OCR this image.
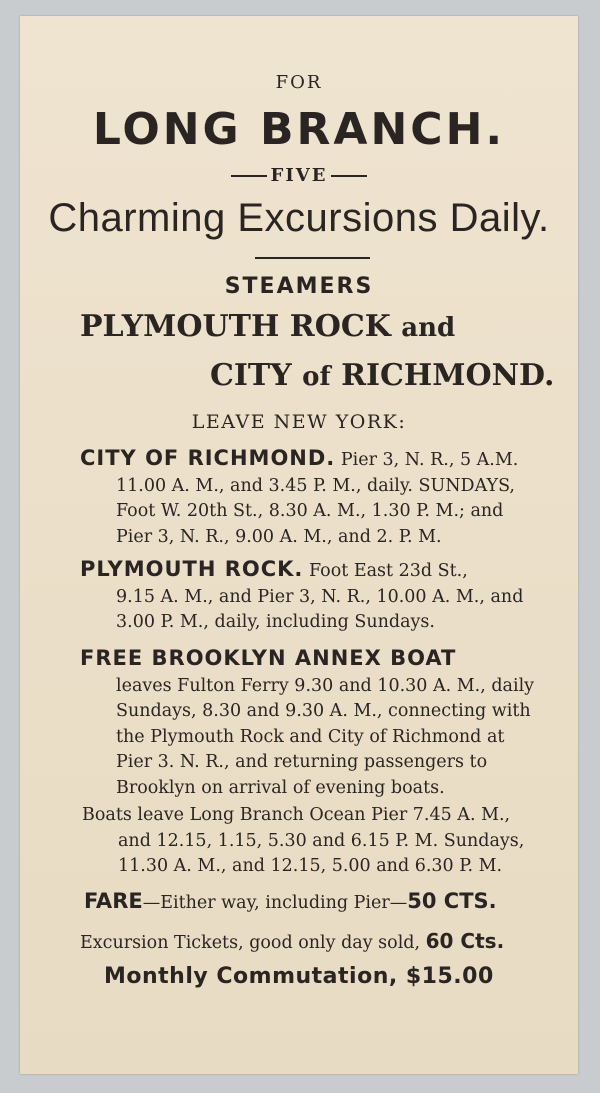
FOR
LONG BRANCH.
FIVE
Charming Excursions Daily.
STEAMERS
PLYMOUTH ROCK and
CITY of RICHMOND.
LEAVE NEW YORK:
CITY OF RICHMOND. Pier 3, N. R., 5 A.M.
11.00 A. M., and 3.45 P. M., daily. SUNDAYS,
Foot W. 20th St., 8.30 A. M., 1.30 P. M.; and
Pier 3, N. R., 9.00 A. M., and 2. P. M.
PLYMOUTH ROCK. Foot East 23d St.,
9.15 A. M., and Pier 3, N. R., 10.00 A. M., and
3.00 P. M., daily, including Sundays.
FREE BROOKLYN ANNEX BOAT
leaves Fulton Ferry 9.30 and 10.30 A. M., daily
Sundays, 8.30 and 9.30 A. M., connecting with
the Plymouth Rock and City of Richmond at
Pier 3. N. R., and returning passengers to
Brooklyn on arrival of evening boats.
Boats leave Long Branch Ocean Pier 7.45 A. M.,
and 12.15, 1.15, 5.30 and 6.15 P. M. Sundays,
11.30 A. M., and 12.15, 5.00 and 6.30 P. M.
FARE—Either way, including Pier—50 CTS.
Excursion Tickets, good only day sold, 60 Cts.
Monthly Commutation, $15.00
